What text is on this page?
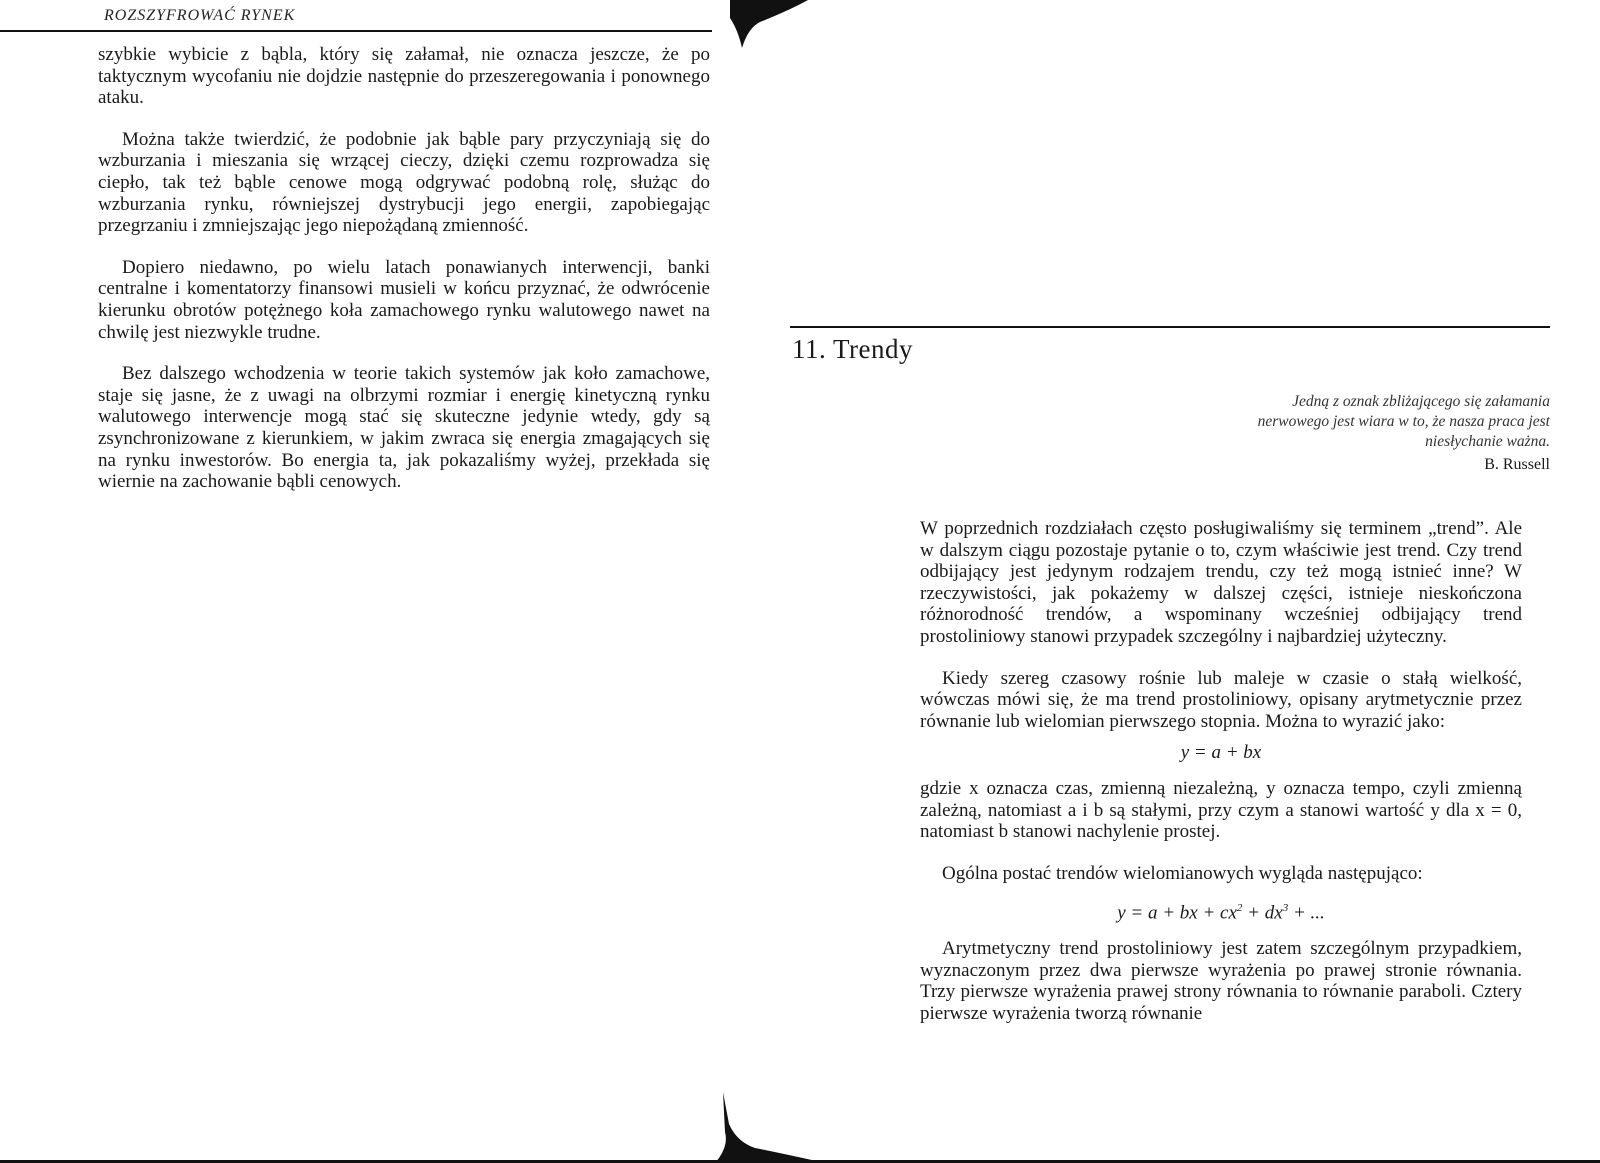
ROZSZYFROWAĆ RYNEK

szybkie wybicie z bąbla, który się załamał, nie oznacza jeszcze, że po taktycznym wycofaniu nie dojdzie następnie do przeszeregowania i ponownego ataku.

Można także twierdzić, że podobnie jak bąble pary przyczyniają się do wzburzania i mieszania się wrzącej cieczy, dzięki czemu rozprowadza się ciepło, tak też bąble cenowe mogą odgrywać podobną rolę, służąc do wzburzania rynku, równiejszej dystrybucji jego energii, zapobiegając przegrzaniu i zmniejszając jego niepożądaną zmienność.

Dopiero niedawno, po wielu latach ponawianych interwencji, banki centralne i komentatorzy finansowi musieli w końcu przyznać, że odwrócenie kierunku obrotów potężnego koła zamachowego rynku walutowego nawet na chwilę jest niezwykle trudne.

Bez dalszego wchodzenia w teorie takich systemów jak koło zamachowe, staje się jasne, że z uwagi na olbrzymi rozmiar i energię kinetyczną rynku walutowego interwencje mogą stać się skuteczne jedynie wtedy, gdy są zsynchronizowane z kierunkiem, w jakim zwraca się energia zmagających się na rynku inwestorów. Bo energia ta, jak pokazaliśmy wyżej, przekłada się wiernie na zachowanie bąbli cenowych.

11. Trendy
Jedną z oznak zbliżającego się załamania nerwowego jest wiara w to, że nasza praca jest niesłychanie ważna.
B. Russell

W poprzednich rozdziałach często posługiwaliśmy się terminem „trend”. Ale w dalszym ciągu pozostaje pytanie o to, czym właściwie jest trend. Czy trend odbijający jest jedynym rodzajem trendu, czy też mogą istnieć inne? W rzeczywistości, jak pokażemy w dalszej części, istnieje nieskończona różnorodność trendów, a wspominany wcześniej odbijający trend prostoliniowy stanowi przypadek szczególny i najbardziej użyteczny.

Kiedy szereg czasowy rośnie lub maleje w czasie o stałą wielkość, wówczas mówi się, że ma trend prostoliniowy, opisany arytmetycznie przez równanie lub wielomian pierwszego stopnia. Można to wyrazić jako:

y = a + bx

gdzie x oznacza czas, zmienną niezależną, y oznacza tempo, czyli zmienną zależną, natomiast a i b są stałymi, przy czym a stanowi wartość y dla x = 0, natomiast b stanowi nachylenie prostej.

Ogólna postać trendów wielomianowych wygląda następująco:

y = a + bx + $cx^2 + dx^3$ + ...

Arytmetyczny trend prostoliniowy jest zatem szczególnym przypadkiem, wyznaczonym przez dwa pierwsze wyrażenia po prawej stronie równania. Trzy pierwsze wyrażenia prawej strony równania to równanie paraboli. Cztery pierwsze wyrażenia tworzą równanie
